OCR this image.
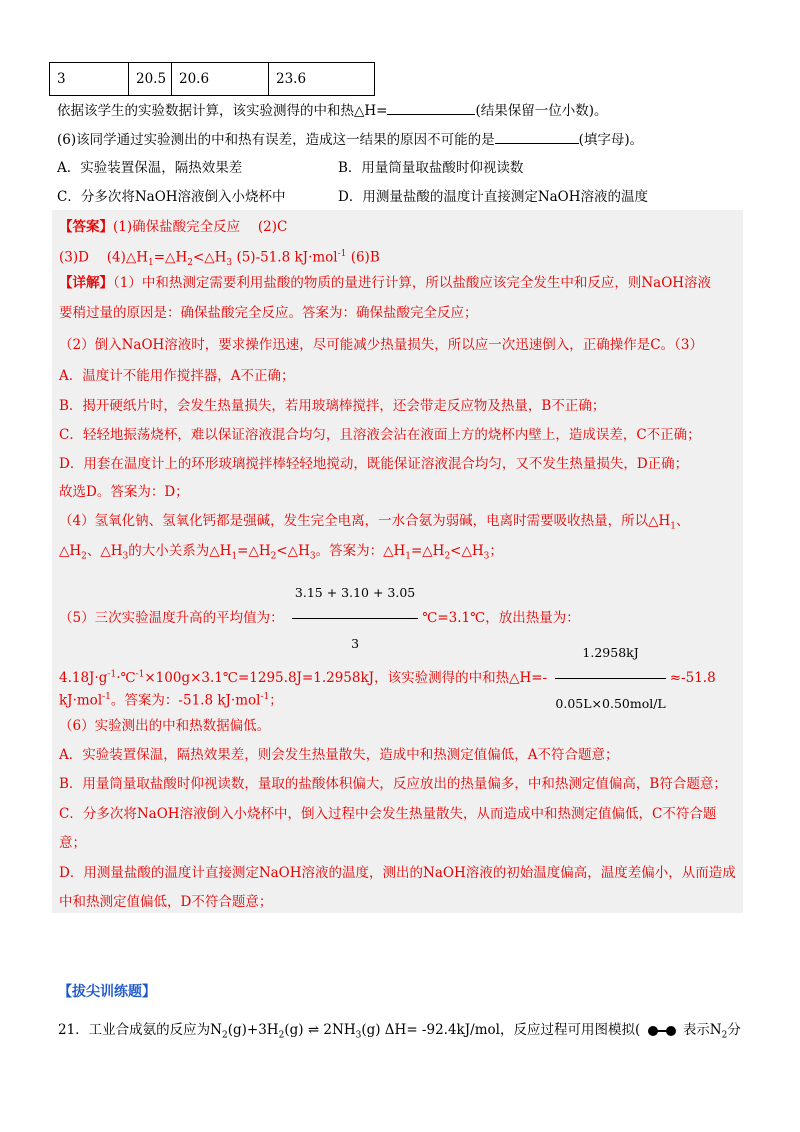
3	20.5	20.6	23.6
依据该学生的实验数据计算，该实验测得的中和热△H=	(结果保留一位小数)。
(6)该同学通过实验测出的中和热有误差，造成这一结果的原因不可能的是	(填字母)。
A．实验装置保温，隔热效果差	B．用量筒量取盐酸时仰视读数
C．分多次将NaOH溶液倒入小烧杯中	D．用测量盐酸的温度计直接测定NaOH溶液的温度
【答案】(1)确保盐酸完全反应　 (2)C
(3)D　 $(4)\triangle H_1=\triangle H_2<\triangle H_3$ (5)-51.8 kJ·mol$^{-1}$ (6)B
【详解】（1）中和热测定需要利用盐酸的物质的量进行计算，所以盐酸应该完全发生中和反应，则NaOH溶液
要稍过量的原因是：确保盐酸完全反应。答案为：确保盐酸完全反应；
（2）倒入NaOH溶液时，要求操作迅速，尽可能减少热量损失，所以应一次迅速倒入，正确操作是C。（3）
A．温度计不能用作搅拌器，A不正确；
B．揭开硬纸片时，会发生热量损失，若用玻璃棒搅拌，还会带走反应物及热量，B不正确；
C．轻轻地振荡烧杯，难以保证溶液混合均匀，且溶液会沾在液面上方的烧杯内壁上，造成误差，C不正确；
D．用套在温度计上的环形玻璃搅拌棒轻轻地搅动，既能保证溶液混合均匀，又不发生热量损失，D正确；
故选D。答案为：D；
（4）氢氧化钠、氢氧化钙都是强碱，发生完全电离，一水合氨为弱碱，电离时需要吸收热量，所以$\triangle H_1$、
$\triangle H_2$、$\triangle H_3$的大小关系为$\triangle H_1=\triangle H_2<\triangle H_3$。答案为：$\triangle H_1=\triangle H_2<\triangle H_3$；
（5）三次实验温度升高的平均值为： $\frac{3.15 + 3.10 + 3.05}{3}$ ℃=3.1℃，放出热量为：
$4.18J\cdot g^{-1}\cdot℃^{-1}\times 100g\times 3.1℃=1295.8J=1.2958kJ$，该实验测得的中和热△H=- $\frac{1.2958kJ}{\text{0.05L×0.50mol/L}} \approx-51.8$
kJ·mol$^{-1}$。答案为：-51.8 kJ·mol$^{-1}$；
（6）实验测出的中和热数据偏低。
A．实验装置保温，隔热效果差，则会发生热量散失，造成中和热测定值偏低，A不符合题意；
B．用量筒量取盐酸时仰视读数，量取的盐酸体积偏大，反应放出的热量偏多，中和热测定值偏高，B符合题意；
C．分多次将NaOH溶液倒入小烧杯中，倒入过程中会发生热量散失，从而造成中和热测定值偏低，C不符合题
意；
D．用测量盐酸的温度计直接测定NaOH溶液的温度，测出的NaOH溶液的初始温度偏高，温度差偏小，从而造成
中和热测定值偏低，D不符合题意；
【拔尖训练题】
21．工业合成氨的反应为$N_2(g)+3H_2(g)$ ⇌ $2NH_3(g)$ ΔH= -92.4kJ/mol，反应过程可用图模拟(	表示$N_2$分
